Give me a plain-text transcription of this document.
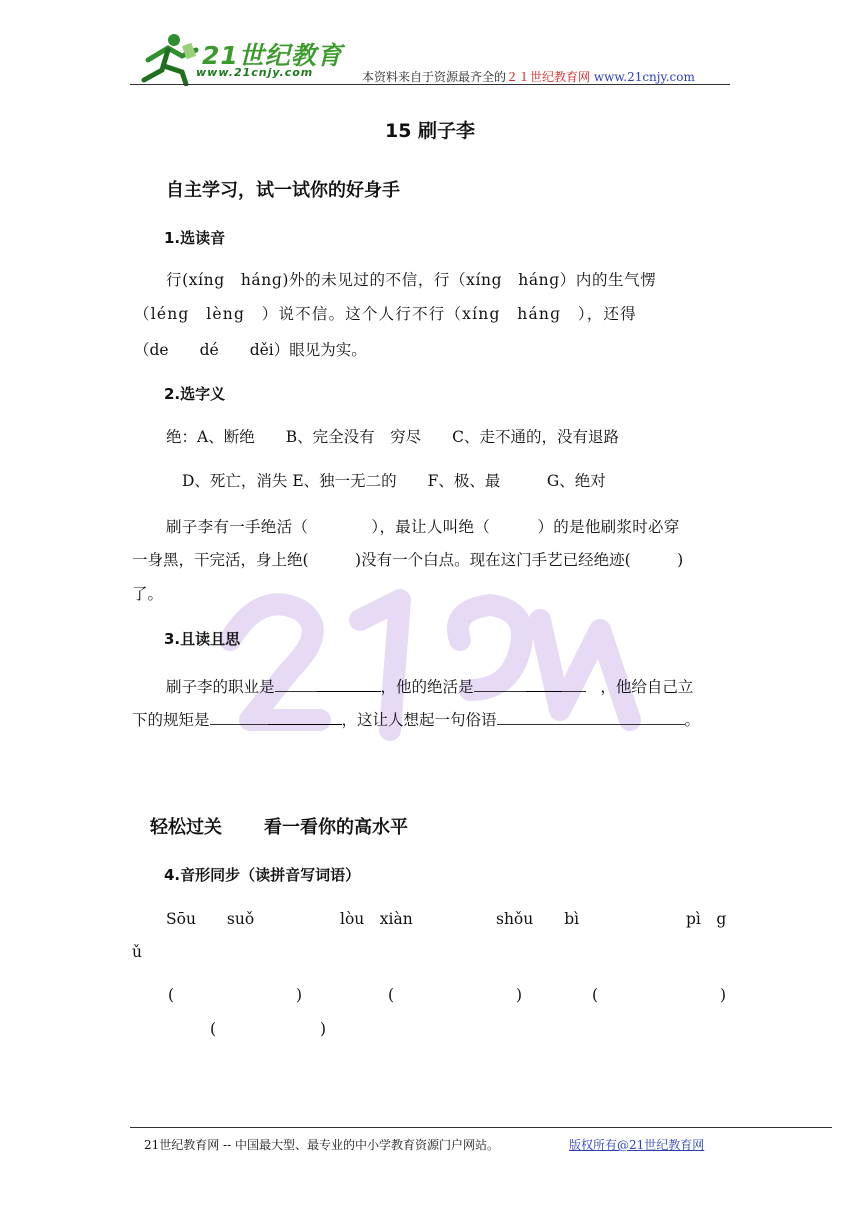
21世纪教育
www.21cnjy.com	本资料来自于资源最齐全的２１世纪教育网 www.21cnjy.com
15 刷子李
自主学习，试一试你的好身手
1.选读音
行(xíng　hánɡ)外的未见过的不信，行（xíng　hánɡ）内的生气愣
（léng　lèng　）说不信。这个人行不行（xíng　hánɡ　），还得
（de　　dé　　děi）眼见为实。
2.选字义
绝：A、断绝　　B、完全没有　穷尽　　C、走不通的，没有退路
D、死亡，消失 E、独一无二的　　F、极、最　　　G、绝对
刷子李有一手绝活（　　　　），最让人叫绝（　　　）的是他刷浆时必穿
一身黑，干完活，身上绝(　　　)没有一个白点。现在这门手艺已经绝迹(　　　)
了。
3.且读且思
刷子李的职业是	，他的绝活是	，他给自己立
下的规矩是	，这让人想起一句俗语	。
轻松过关 看一看你的高水平
4.音形同步（读拼音写词语）
Sōu　　suǒ	lòu　xiàn	shǒu　　bì	pì　g
ǔ
(	)	(	)	(	)
(	)
21世纪教育网 -- 中国最大型、最专业的中小学教育资源门户网站。	版权所有@21世纪教育网
